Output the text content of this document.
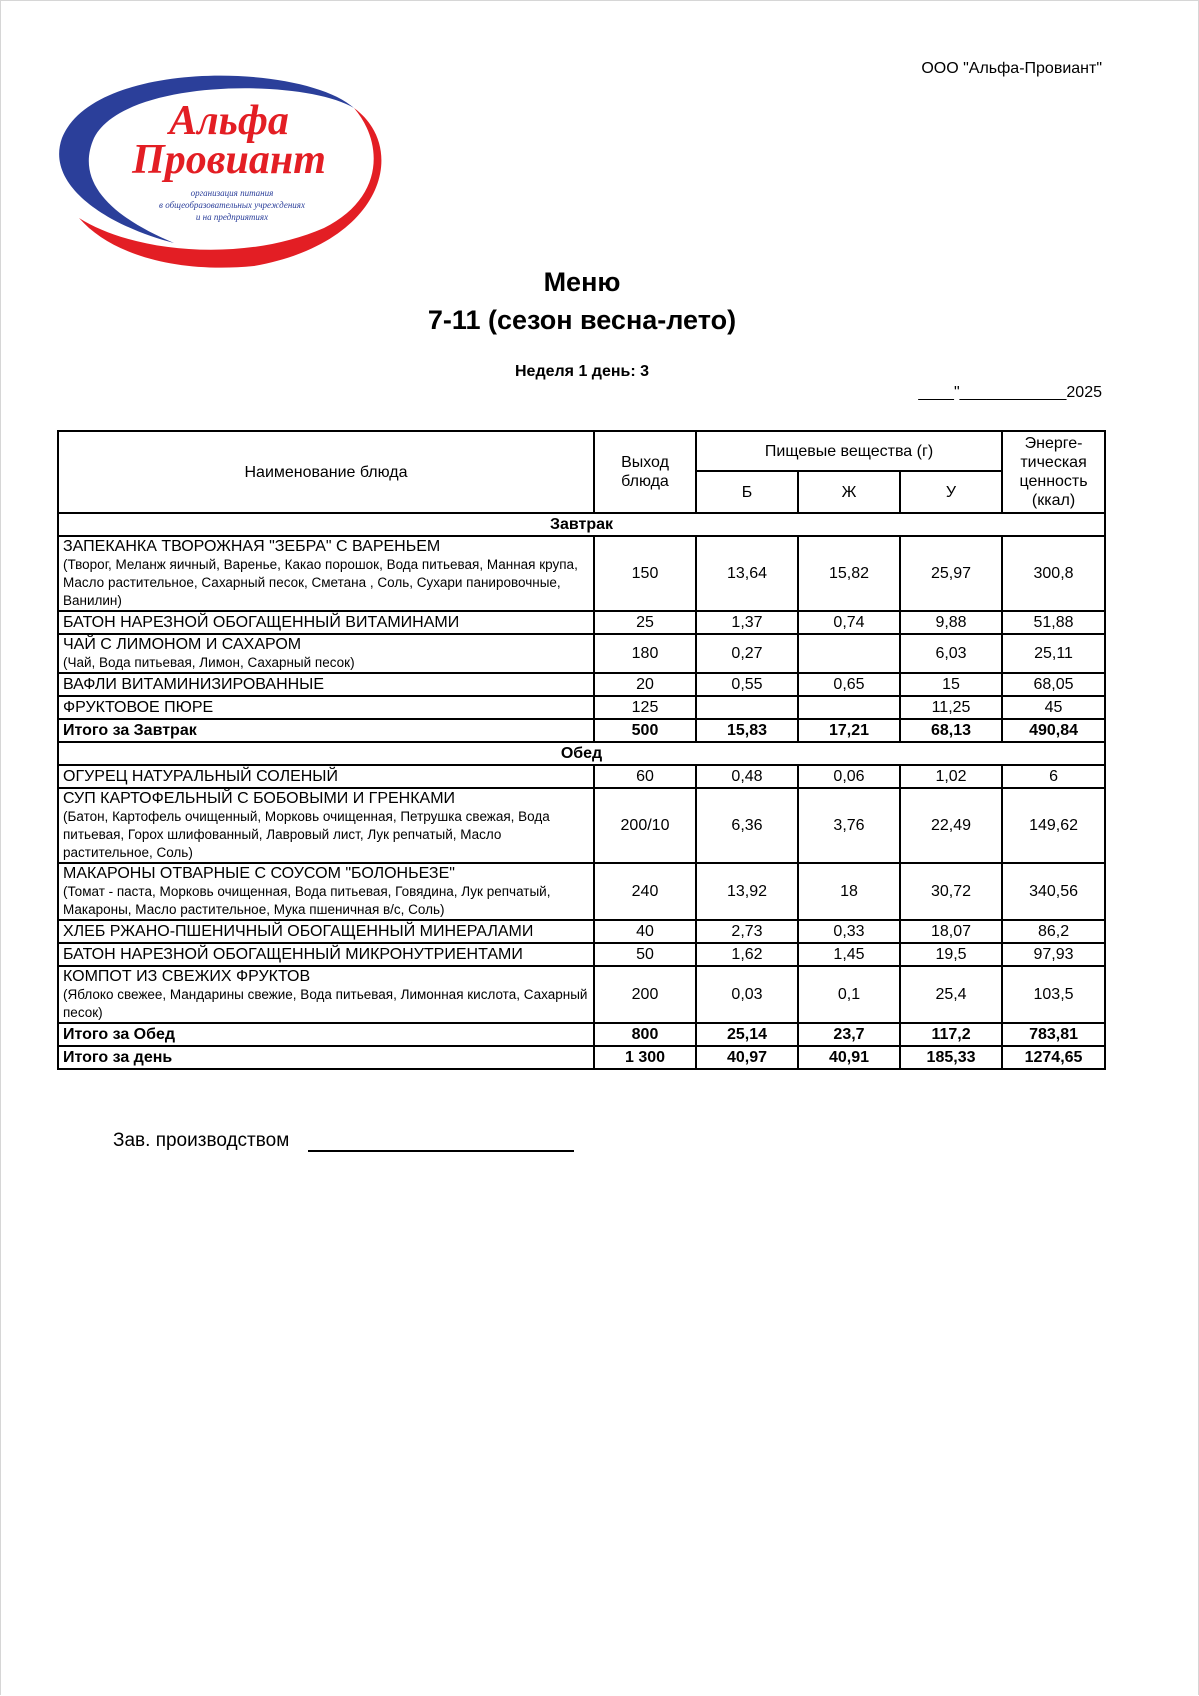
ООО "Альфа-Провиант"
Альфа
Провиант
организация питания
в общеобразовательных учреждениях
и на предприятиях
Меню
7-11 (сезон весна-лето)
Неделя 1 день: 3
____"____________2025
Наименование блюда	Выход блюда	Пищевые вещества (г)			Энерге-тическая ценность (ккал)
		Б	Ж	У	
Завтрак					

ЗАПЕКАНКА ТВОРОЖНАЯ "ЗЕБРА" С ВАРЕНЬЕМ
(Творог, Меланж яичный, Варенье, Какао порошок, Вода питьевая, Манная крупа, Масло растительное, Сахарный песок, Сметана , Соль, Сухари панировочные, Ванилин)	150	13,64	15,82	25,97	300,8

БАТОН НАРЕЗНОЙ ОБОГАЩЕННЫЙ ВИТАМИНАМИ	25	1,37	0,74	9,88	51,88

ЧАЙ С ЛИМОНОМ И САХАРОМ
(Чай, Вода питьевая, Лимон, Сахарный песок)	180	0,27		6,03	25,11

ВАФЛИ ВИТАМИНИЗИРОВАННЫЕ	20	0,55	0,65	15	68,05

ФРУКТОВОЕ ПЮРЕ	125			11,25	45
Итого за Завтрак	500	15,83	17,21	68,13	490,84
Обед					

ОГУРЕЦ НАТУРАЛЬНЫЙ СОЛЕНЫЙ	60	0,48	0,06	1,02	6

СУП КАРТОФЕЛЬНЫЙ С БОБОВЫМИ И ГРЕНКАМИ
(Батон, Картофель очищенный, Морковь очищенная, Петрушка свежая, Вода питьевая, Горох шлифованный, Лавровый лист, Лук репчатый, Масло растительное, Соль)	200/10	6,36	3,76	22,49	149,62

МАКАРОНЫ ОТВАРНЫЕ С СОУСОМ "БОЛОНЬЕЗЕ"
(Томат - паста, Морковь очищенная, Вода питьевая, Говядина, Лук репчатый, Макароны, Масло растительное, Мука пшеничная в/с, Соль)	240	13,92	18	30,72	340,56

ХЛЕБ РЖАНО-ПШЕНИЧНЫЙ ОБОГАЩЕННЫЙ МИНЕРАЛАМИ	40	2,73	0,33	18,07	86,2

БАТОН НАРЕЗНОЙ ОБОГАЩЕННЫЙ МИКРОНУТРИЕНТАМИ	50	1,62	1,45	19,5	97,93

КОМПОТ ИЗ СВЕЖИХ ФРУКТОВ
(Яблоко свежее, Мандарины свежие, Вода питьевая, Лимонная кислота, Сахарный песок)	200	0,03	0,1	25,4	103,5
Итого за Обед	800	25,14	23,7	117,2	783,81
Итого за день	1 300	40,97	40,91	185,33	1274,65
Зав. производством
